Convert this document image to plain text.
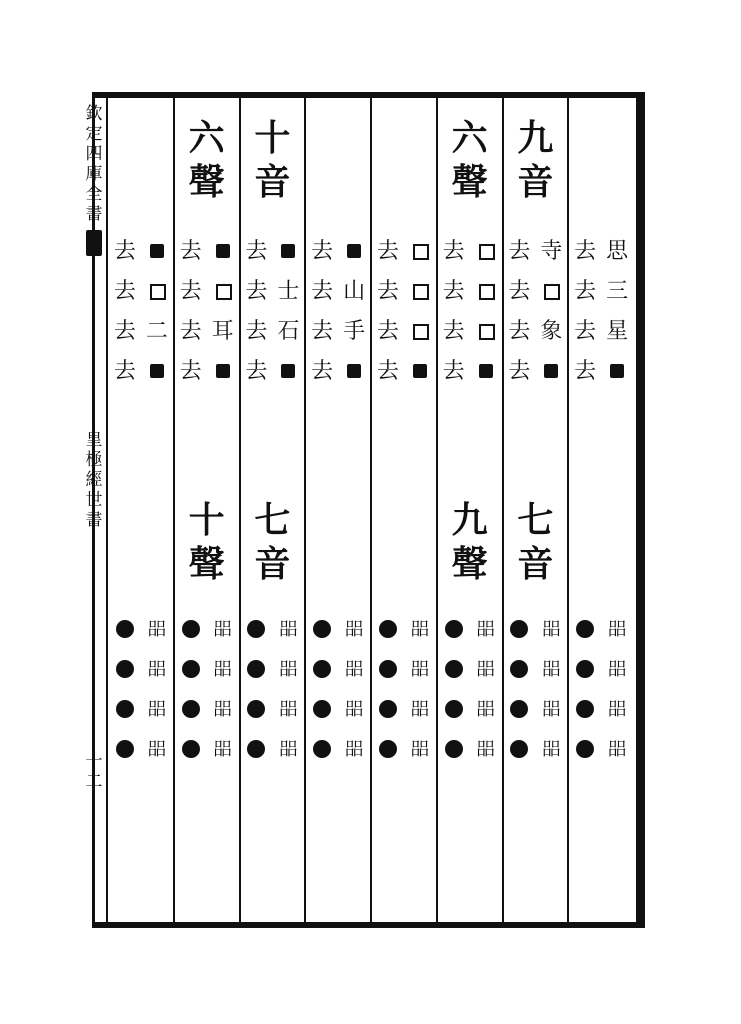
欽
定
四
庫
全
書
皇
極
經
世
書
十
二
去
去
去
去
思
三
星
㗊
㗊
㗊
㗊
九
音
七
音
去
去
去
去
寺
象
㗊
㗊
㗊
㗊
六
聲
九
聲
去
去
去
去
㗊
㗊
㗊
㗊
去
去
去
去
㗊
㗊
㗊
㗊
去
去
去
去
山
手
㗊
㗊
㗊
㗊
十
音
七
音
去
去
去
去
士
石
㗊
㗊
㗊
㗊
六
聲
十
聲
去
去
去
去
耳
㗊
㗊
㗊
㗊
去
去
去
去
二
㗊
㗊
㗊
㗊
